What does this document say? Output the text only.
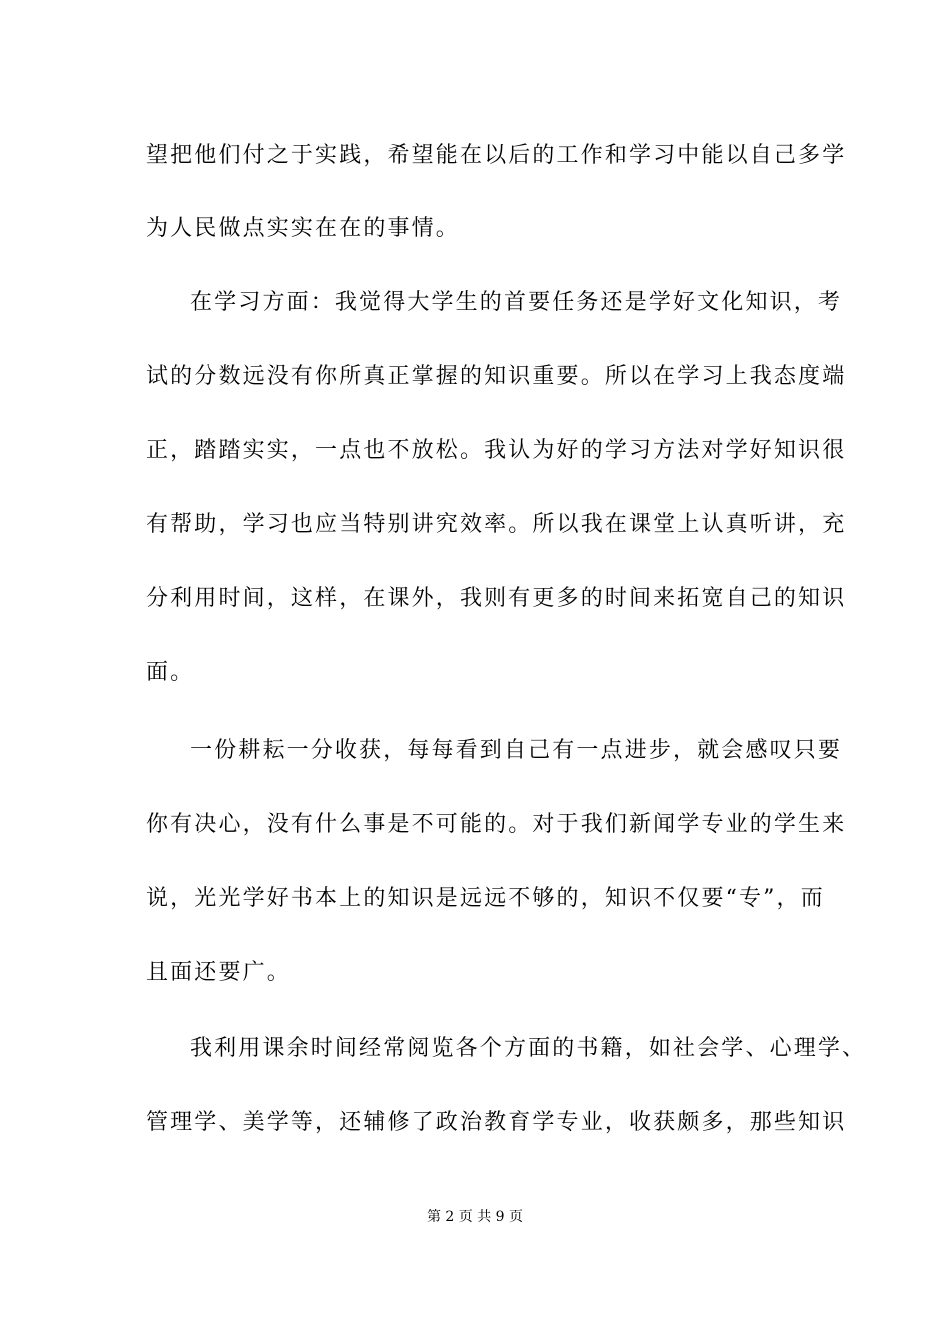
望把他们付之于实践，希望能在以后的工作和学习中能以自己多学
为人民做点实实在在的事情。
在学习方面：我觉得大学生的首要任务还是学好文化知识，考
试的分数远没有你所真正掌握的知识重要。所以在学习上我态度端
正，踏踏实实，一点也不放松。我认为好的学习方法对学好知识很
有帮助，学习也应当特别讲究效率。所以我在课堂上认真听讲，充
分利用时间，这样，在课外，我则有更多的时间来拓宽自己的知识
面。
一份耕耘一分收获，每每看到自己有一点进步，就会感叹只要
你有决心，没有什么事是不可能的。对于我们新闻学专业的学生来
说，光光学好书本上的知识是远远不够的，知识不仅要“专”，而
且面还要广。
我利用课余时间经常阅览各个方面的书籍，如社会学、心理学、
管理学、美学等，还辅修了政治教育学专业，收获颇多，那些知识
第 2 页 共 9 页
